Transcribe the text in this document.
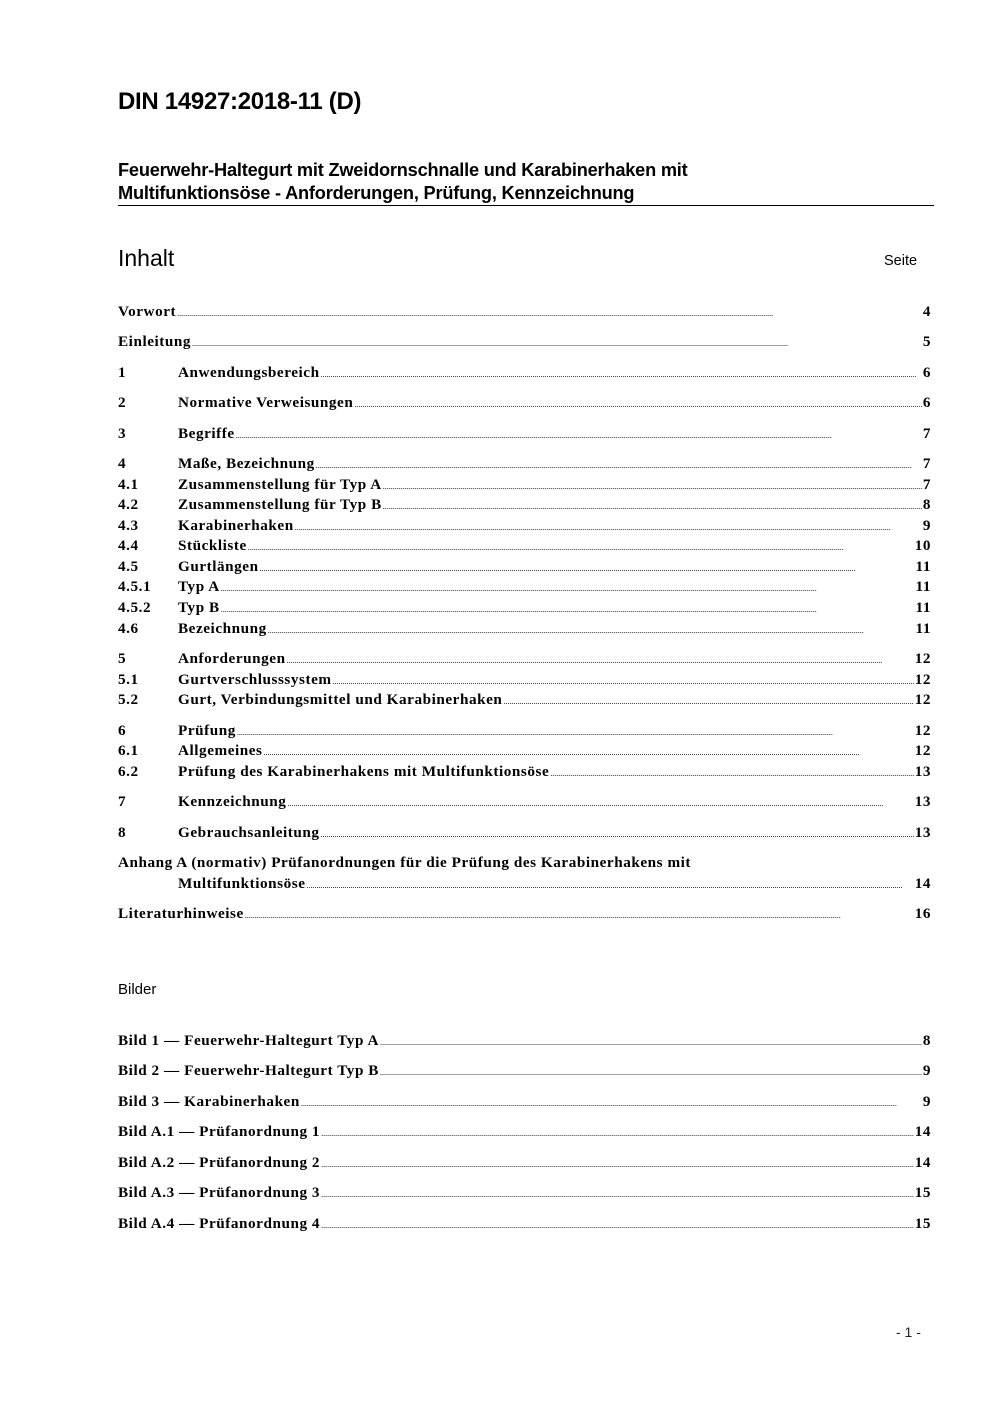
DIN 14927:2018-11 (D)
Feuerwehr-Haltegurt mit Zweidornschnalle und Karabinerhaken mit
Multifunktionsöse - Anforderungen, Prüfung, Kennzeichnung
Inhalt	Seite
Vorwort .....	4
Einleitung .....	5
1	Anwendungsbereich .....	6
2	Normative Verweisungen .....	6
3	Begriffe .....	7
4	Maße, Bezeichnung .....	7
4.1	Zusammenstellung für Typ A .....	7
4.2	Zusammenstellung für Typ B .....	8
4.3	Karabinerhaken .....	9
4.4	Stückliste .....	10
4.5	Gurtlängen .....	11
4.5.1	Typ A .....	11
4.5.2	Typ B .....	11
4.6	Bezeichnung .....	11
5	Anforderungen .....	12
5.1	Gurtverschlusssystem .....	12
5.2	Gurt, Verbindungsmittel und Karabinerhaken .....	12
6	Prüfung .....	12
6.1	Allgemeines .....	12
6.2	Prüfung des Karabinerhakens mit Multifunktionsöse .....	13
7	Kennzeichnung .....	13
8	Gebrauchsanleitung .....	13
Anhang A (normativ) Prüfanordnungen für die Prüfung des Karabinerhakens mit
Multifunktionsöse .....	14
Literaturhinweise .....	16
Bilder
Bild 1 — Feuerwehr-Haltegurt Typ A .....	8
Bild 2 — Feuerwehr-Haltegurt Typ B .....	9
Bild 3 — Karabinerhaken .....	9
Bild A.1 — Prüfanordnung 1 .....	14
Bild A.2 — Prüfanordnung 2 .....	14
Bild A.3 — Prüfanordnung 3 .....	15
Bild A.4 — Prüfanordnung 4 .....	15
- 1 -
